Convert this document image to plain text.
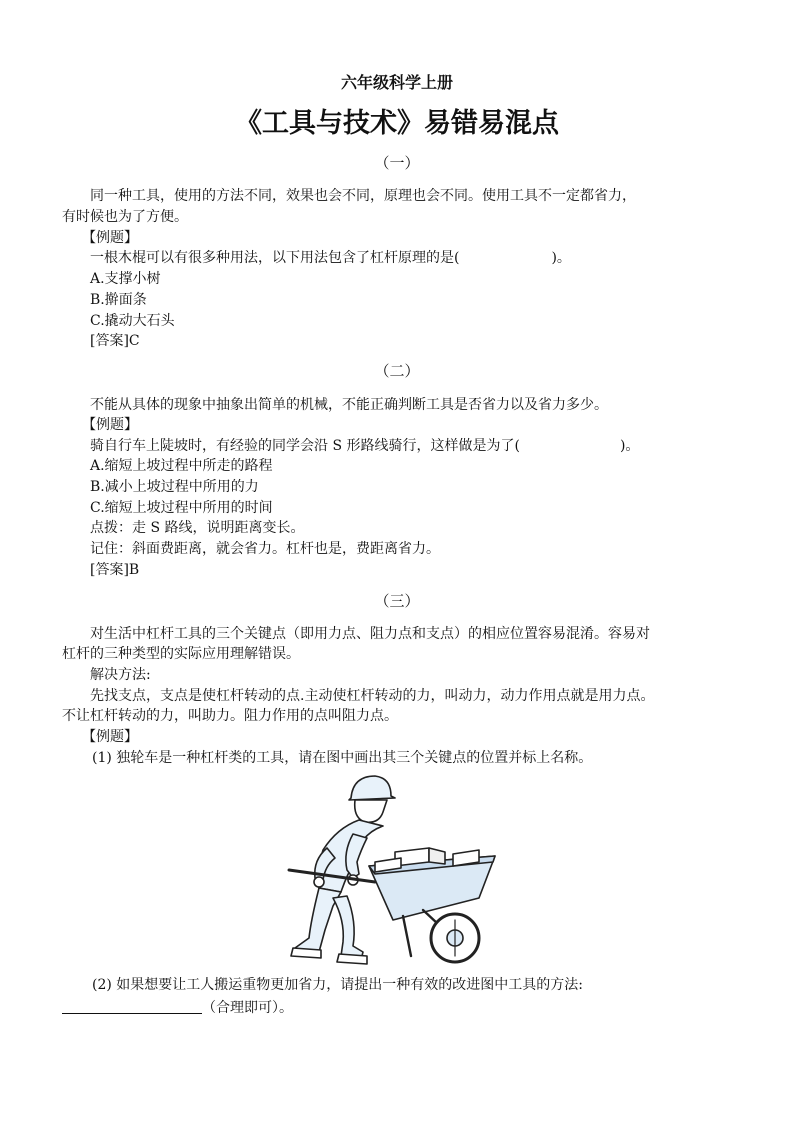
六年级科学上册
《工具与技术》易错易混点
（一）
同一种工具，使用的方法不同，效果也会不同，原理也会不同。使用工具不一定都省力，
有时候也为了方便。
【例题】
一根木棍可以有很多种用法，以下用法包含了杠杆原理的是(	)。
A.支撑小树
B.擀面条
C.撬动大石头
[答案]C
（二）
不能从具体的现象中抽象出简单的机械，不能正确判断工具是否省力以及省力多少。
【例题】
骑自行车上陡坡时，有经验的同学会沿 S 形路线骑行，这样做是为了(	)。
A.缩短上坡过程中所走的路程
B.减小上坡过程中所用的力
C.缩短上坡过程中所用的时间
点拨：走 S 路线，说明距离变长。
记住：斜面费距离，就会省力。杠杆也是，费距离省力。
[答案]B
（三）
对生活中杠杆工具的三个关键点（即用力点、阻力点和支点）的相应位置容易混淆。容易对
杠杆的三种类型的实际应用理解错误。
解决方法:
先找支点，支点是使杠杆转动的点.主动使杠杆转动的力，叫动力，动力作用点就是用力点。
不让杠杆转动的力，叫助力。阻力作用的点叫阻力点。
【例题】
(1) 独轮车是一种杠杆类的工具，请在图中画出其三个关键点的位置并标上名称。
(2) 如果想要让工人搬运重物更加省力，请提出一种有效的改进图中工具的方法:
（合理即可）。
